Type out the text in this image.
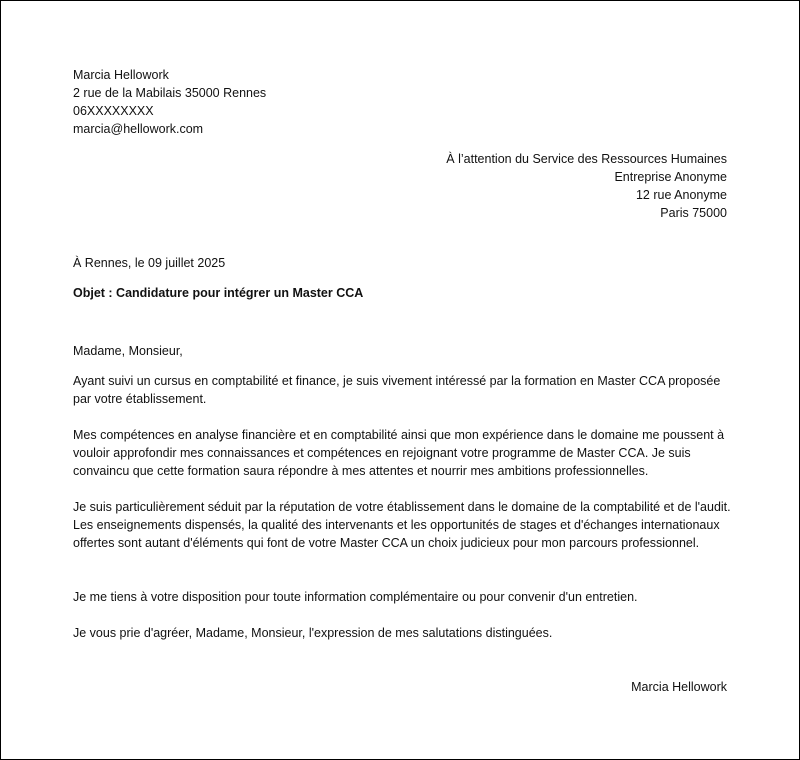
Marcia Hellowork
2 rue de la Mabilais 35000 Rennes
06XXXXXXXX
marcia@hellowork.com
À l’attention du Service des Ressources Humaines
Entreprise Anonyme
12 rue Anonyme
Paris 75000
À Rennes, le 09 juillet 2025
Objet : Candidature pour intégrer un Master CCA
Madame, Monsieur,
Ayant suivi un cursus en comptabilité et finance, je suis vivement intéressé par la formation en Master CCA proposée par votre établissement.
Mes compétences en analyse financière et en comptabilité ainsi que mon expérience dans le domaine me poussent à vouloir approfondir mes connaissances et compétences en rejoignant votre programme de Master CCA. Je suis convaincu que cette formation saura répondre à mes attentes et nourrir mes ambitions professionnelles.
Je suis particulièrement séduit par la réputation de votre établissement dans le domaine de la comptabilité et de l'audit. Les enseignements dispensés, la qualité des intervenants et les opportunités de stages et d'échanges internationaux offertes sont autant d'éléments qui font de votre Master CCA un choix judicieux pour mon parcours professionnel.
Je me tiens à votre disposition pour toute information complémentaire ou pour convenir d'un entretien.
Je vous prie d'agréer, Madame, Monsieur, l'expression de mes salutations distinguées.
Marcia Hellowork
